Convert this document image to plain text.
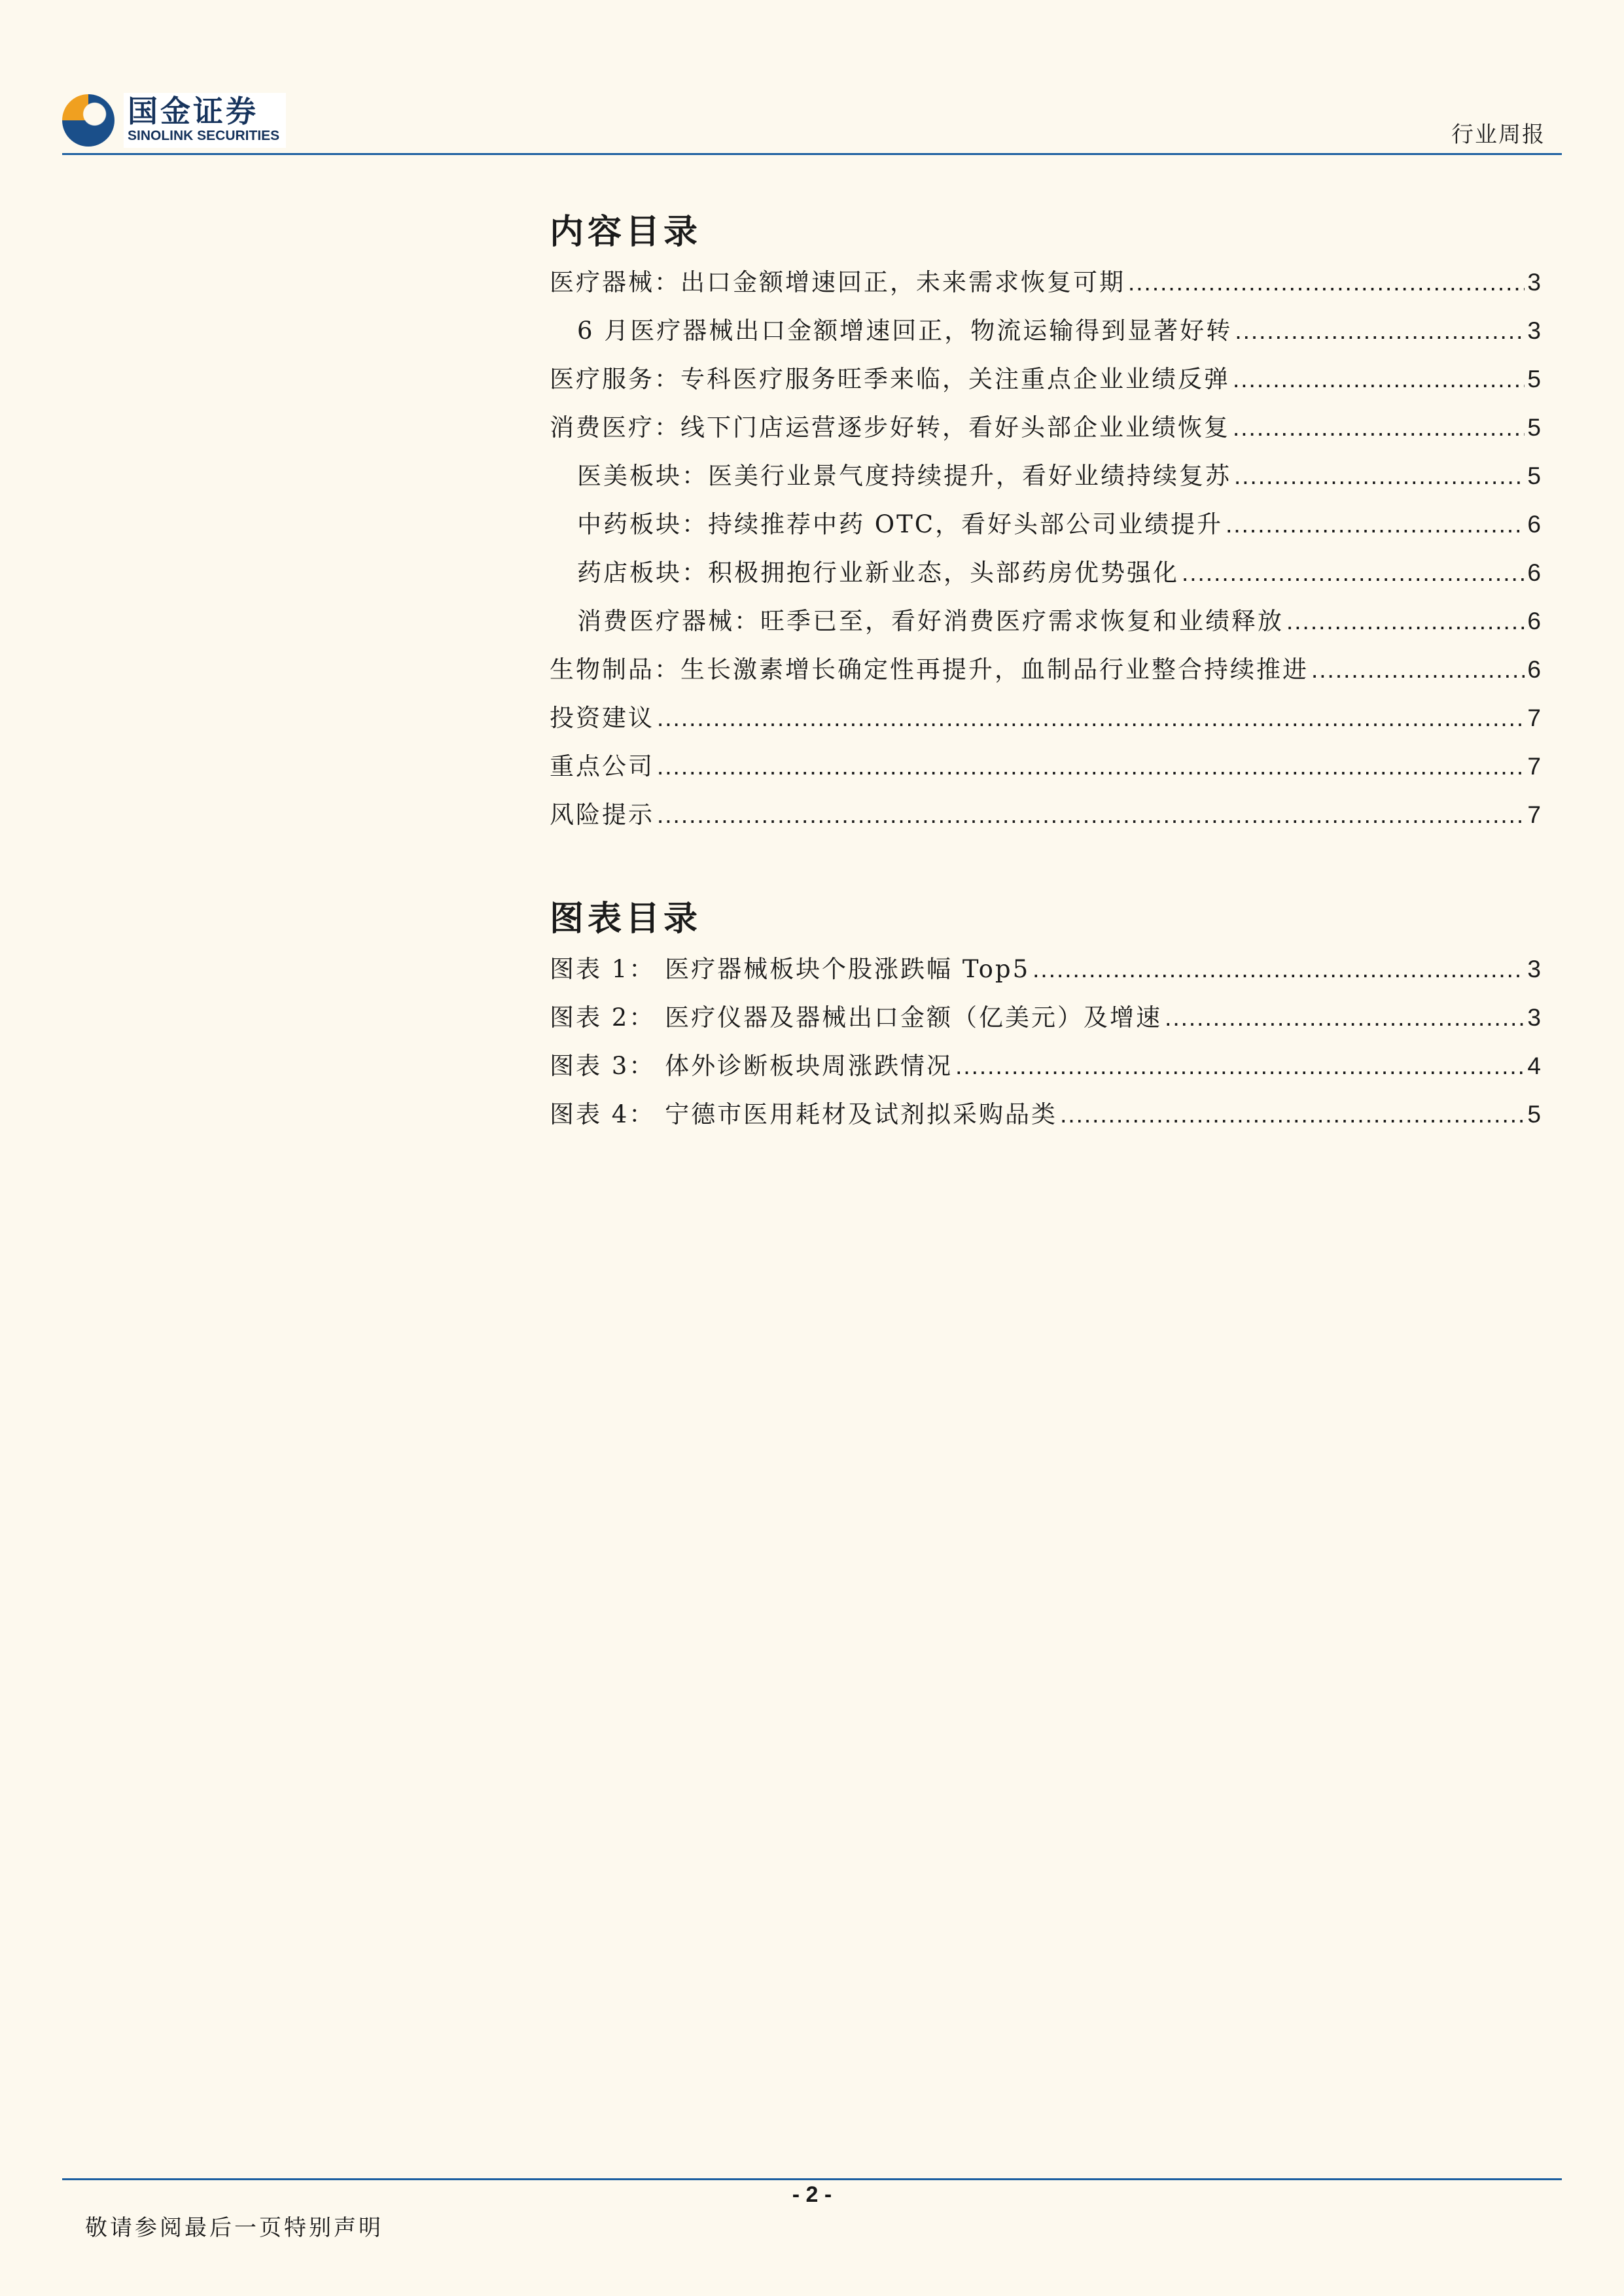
国金证券
SINOLINK SECURITIES	行业周报
内容目录
医疗器械：出口金额增速回正，未来需求恢复可期 .....	3
6 月医疗器械出口金额增速回正，物流运输得到显著好转 .....	3
医疗服务：专科医疗服务旺季来临，关注重点企业业绩反弹 .....	5
消费医疗：线下门店运营逐步好转，看好头部企业业绩恢复 .....	5
医美板块：医美行业景气度持续提升，看好业绩持续复苏 .....	5
中药板块：持续推荐中药 OTC，看好头部公司业绩提升 .....	6
药店板块：积极拥抱行业新业态，头部药房优势强化 .....	6
消费医疗器械：旺季已至，看好消费医疗需求恢复和业绩释放 .....	6
生物制品：生长激素增长确定性再提升，血制品行业整合持续推进 .....	6
投资建议 .....	7
重点公司 .....	7
风险提示 .....	7
图表目录
图表 1： 医疗器械板块个股涨跌幅 Top5 .....	3
图表 2： 医疗仪器及器械出口金额（亿美元）及增速 .....	3
图表 3： 体外诊断板块周涨跌情况 .....	4
图表 4： 宁德市医用耗材及试剂拟采购品类 .....	5
- 2 -
敬请参阅最后一页特别声明
